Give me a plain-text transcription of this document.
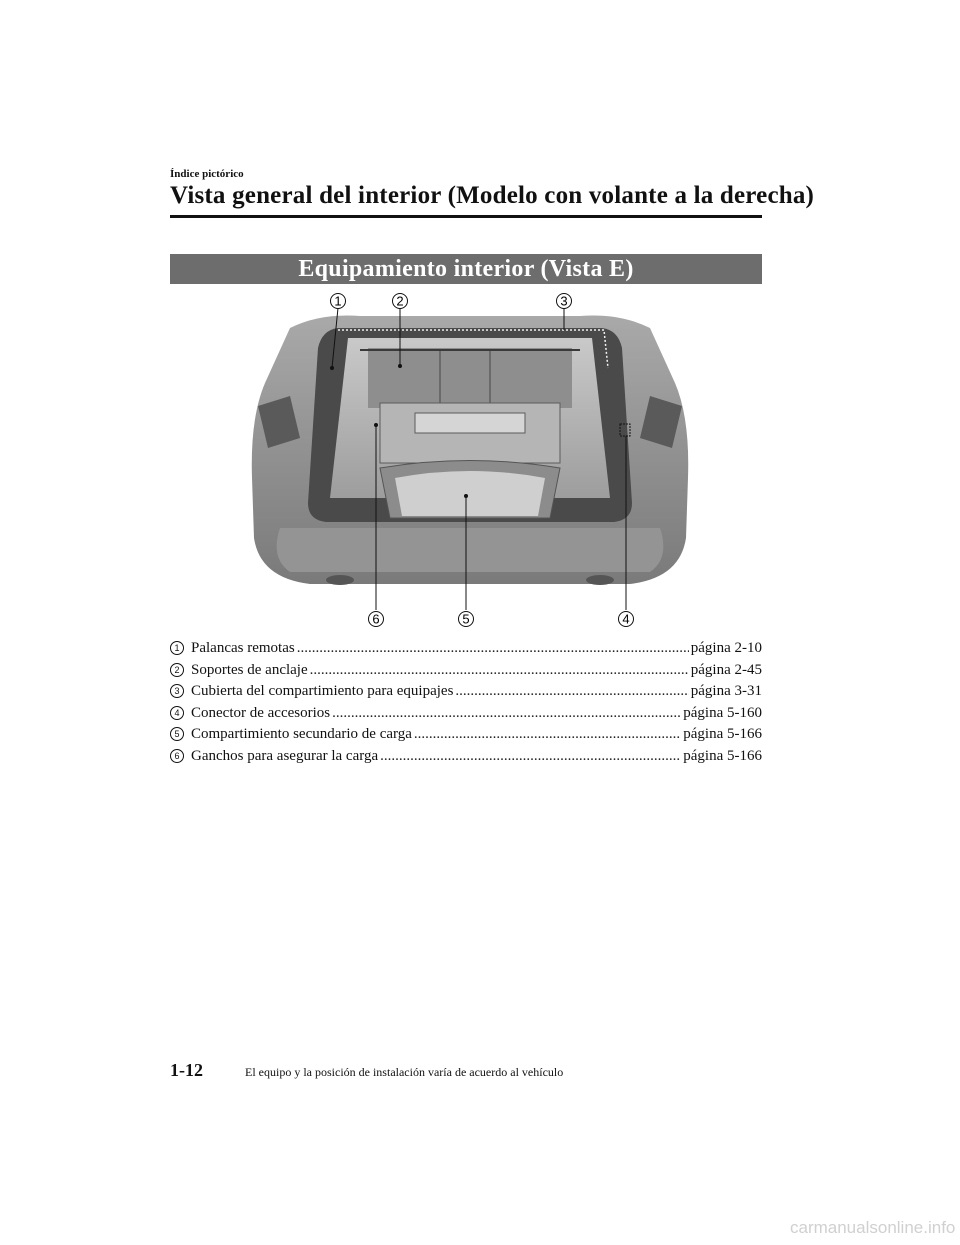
Índice pictórico
Vista general del interior (Modelo con volante a la derecha)
Equipamiento interior (Vista E)
1	2	3
6	5	4
1 Palancas remotas .....	página 2-10
2 Soportes de anclaje .....	página 2-45
3 Cubierta del compartimiento para equipajes .....	página 3-31
4 Conector de accesorios .....	página 5-160
5 Compartimiento secundario de carga .....	página 5-166
6 Ganchos para asegurar la carga .....	página 5-166
1-12	El equipo y la posición de instalación varía de acuerdo al vehículo
carmanualsonline.info
